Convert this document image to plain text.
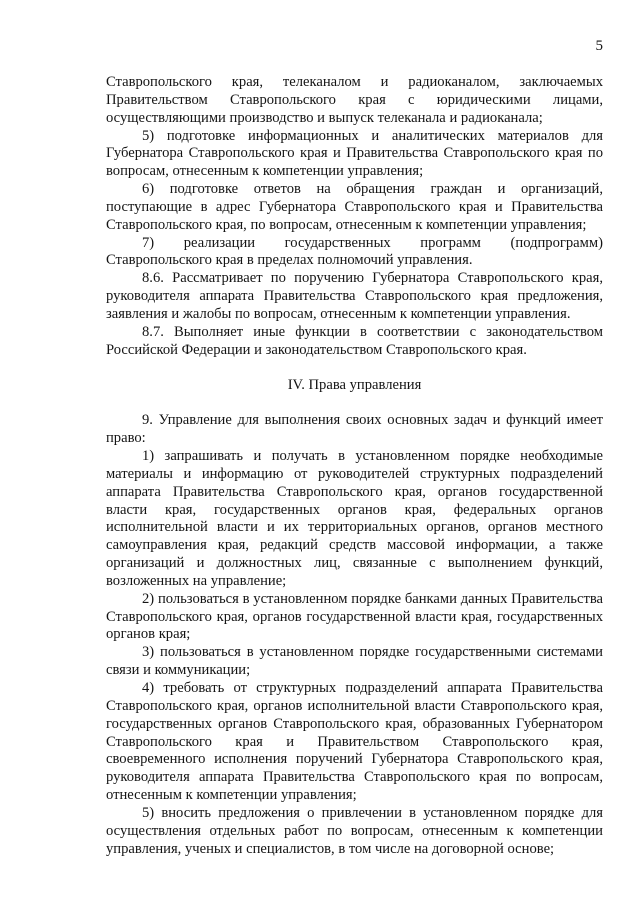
5

Ставропольского края, телеканалом и радиоканалом, заключаемых Правительством Ставропольского края с юридическими лицами, осуществляющими производство и выпуск телеканала и радиоканала;

5) подготовке информационных и аналитических материалов для Губернатора Ставропольского края и Правительства Ставропольского края по вопросам, отнесенным к компетенции управления;

6) подготовке ответов на обращения граждан и организаций, поступающие в адрес Губернатора Ставропольского края и Правительства Ставропольского края, по вопросам, отнесенным к компетенции управления;

7) реализации государственных программ (подпрограмм) Ставропольского края в пределах полномочий управления.

8.6. Рассматривает по поручению Губернатора Ставропольского края, руководителя аппарата Правительства Ставропольского края предложения, заявления и жалобы по вопросам, отнесенным к компетенции управления.

8.7. Выполняет иные функции в соответствии с законодательством Российской Федерации и законодательством Ставропольского края.

IV. Права управления

9. Управление для выполнения своих основных задач и функций имеет право:

1) запрашивать и получать в установленном порядке необходимые материалы и информацию от руководителей структурных подразделений аппарата Правительства Ставропольского края, органов государственной власти края, государственных органов края, федеральных органов исполнительной власти и их территориальных органов, органов местного самоуправления края, редакций средств массовой информации, а также организаций и должностных лиц, связанные с выполнением функций, возложенных на управление;

2) пользоваться в установленном порядке банками данных Правительства Ставропольского края, органов государственной власти края, государственных органов края;

3) пользоваться в установленном порядке государственными системами связи и коммуникации;

4) требовать от структурных подразделений аппарата Правительства Ставропольского края, органов исполнительной власти Ставропольского края, государственных органов Ставропольского края, образованных Губернатором Ставропольского края и Правительством Ставропольского края, своевременного исполнения поручений Губернатора Ставропольского края, руководителя аппарата Правительства Ставропольского края по вопросам, отнесенным к компетенции управления;

5) вносить предложения о привлечении в установленном порядке для осуществления отдельных работ по вопросам, отнесенным к компетенции управления, ученых и специалистов, в том числе на договорной основе;
